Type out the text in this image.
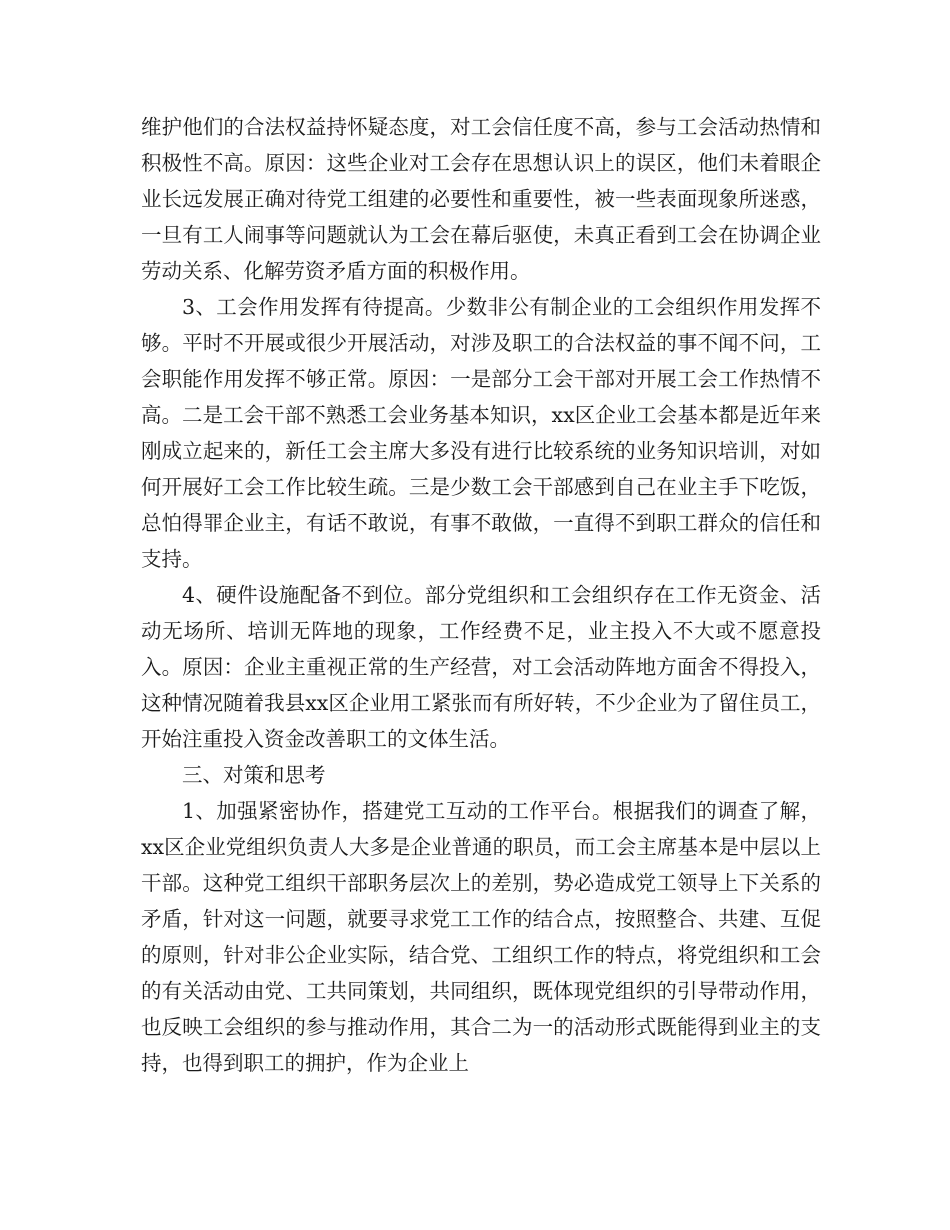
维护他们的合法权益持怀疑态度，对工会信任度不高，参与工会活动热情和积极性不高。原因：这些企业对工会存在思想认识上的误区，他们未着眼企业长远发展正确对待党工组建的必要性和重要性，被一些表面现象所迷惑，一旦有工人闹事等问题就认为工会在幕后驱使，未真正看到工会在协调企业劳动关系、化解劳资矛盾方面的积极作用。

3、工会作用发挥有待提高。少数非公有制企业的工会组织作用发挥不够。平时不开展或很少开展活动，对涉及职工的合法权益的事不闻不问，工会职能作用发挥不够正常。原因：一是部分工会干部对开展工会工作热情不高。二是工会干部不熟悉工会业务基本知识，xx区企业工会基本都是近年来刚成立起来的，新任工会主席大多没有进行比较系统的业务知识培训，对如何开展好工会工作比较生疏。三是少数工会干部感到自己在业主手下吃饭，总怕得罪企业主，有话不敢说，有事不敢做，一直得不到职工群众的信任和支持。

4、硬件设施配备不到位。部分党组织和工会组织存在工作无资金、活动无场所、培训无阵地的现象，工作经费不足，业主投入不大或不愿意投入。原因：企业主重视正常的生产经营，对工会活动阵地方面舍不得投入，这种情况随着我县xx区企业用工紧张而有所好转，不少企业为了留住员工，开始注重投入资金改善职工的文体生活。

三、对策和思考

1、加强紧密协作，搭建党工互动的工作平台。根据我们的调查了解，xx区企业党组织负责人大多是企业普通的职员，而工会主席基本是中层以上干部。这种党工组织干部职务层次上的差别，势必造成党工领导上下关系的矛盾，针对这一问题，就要寻求党工工作的结合点，按照整合、共建、互促的原则，针对非公企业实际，结合党、工组织工作的特点，将党组织和工会的有关活动由党、工共同策划，共同组织，既体现党组织的引导带动作用，也反映工会组织的参与推动作用，其合二为一的活动形式既能得到业主的支持，也得到职工的拥护，作为企业上
